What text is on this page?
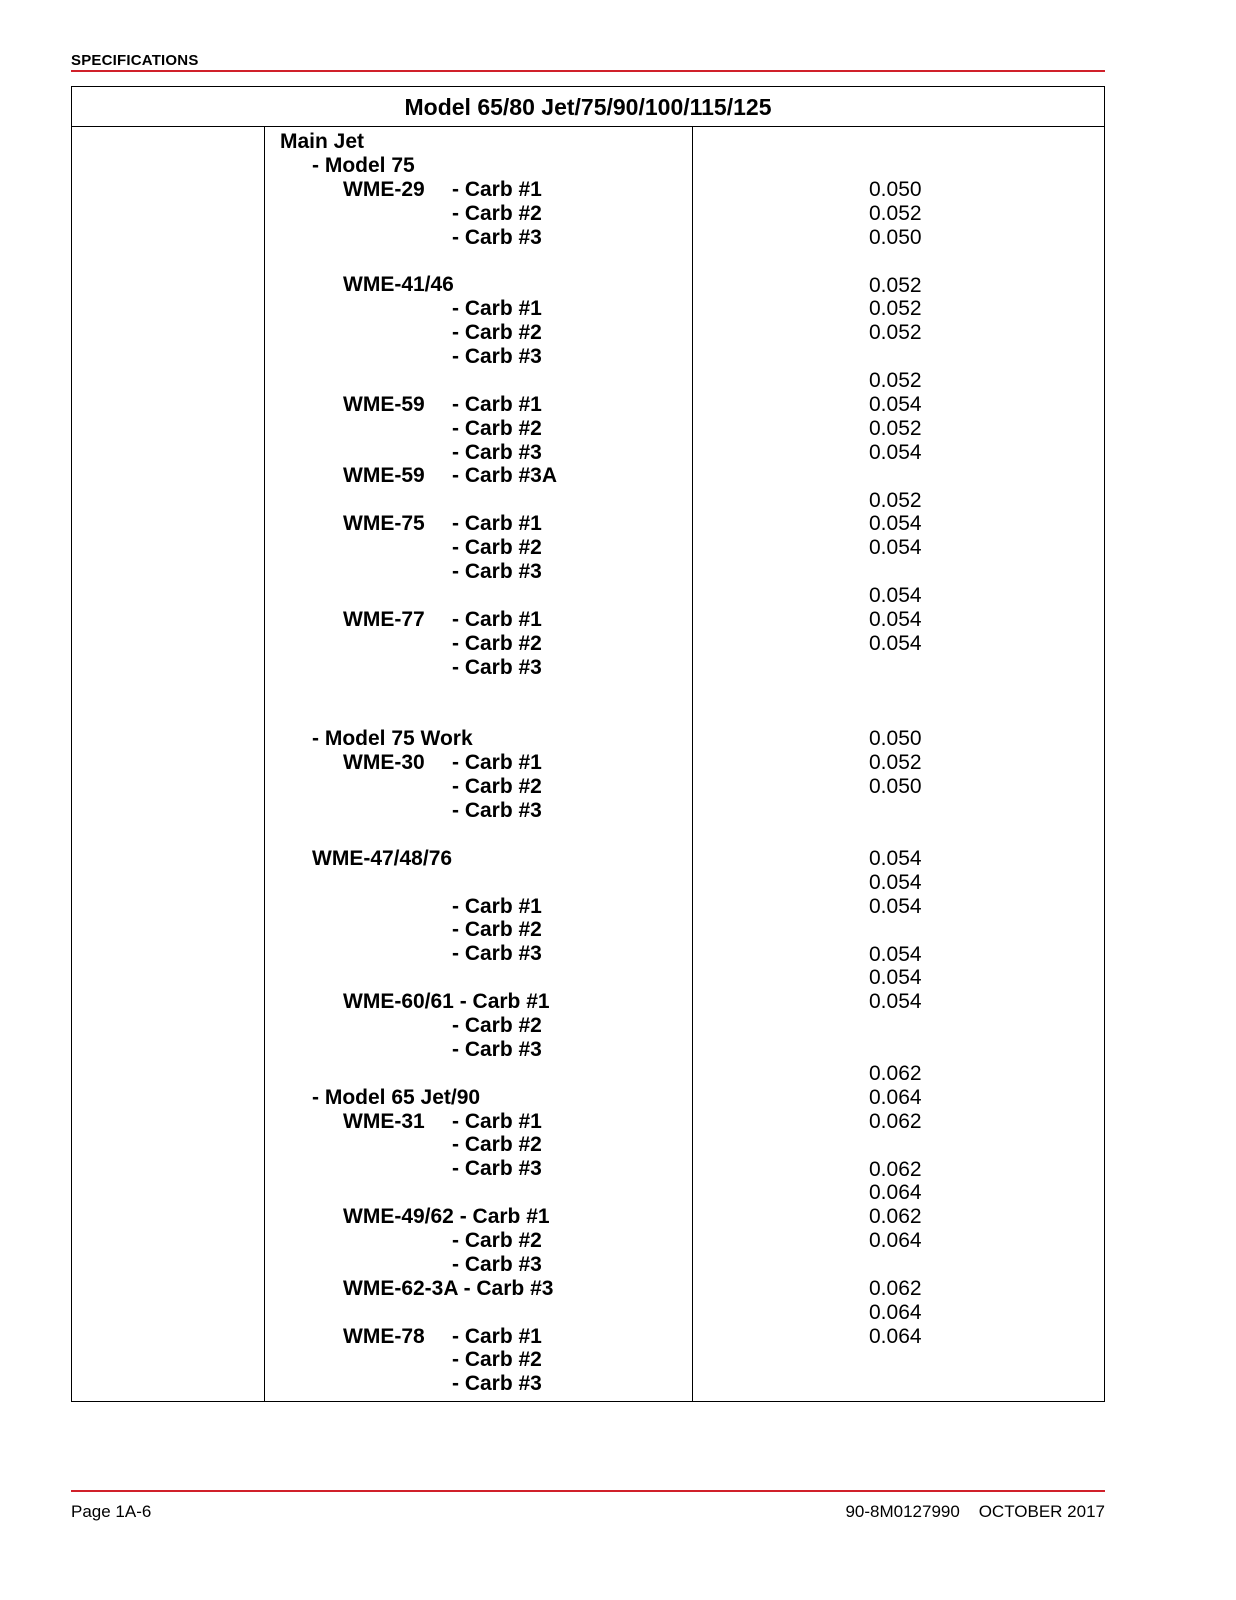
SPECIFICATIONS
Model 65/80 Jet/75/90/100/115/125
Main Jet
- Model 75
WME-29 - Carb #1
- Carb #2
- Carb #3
WME-41/46
- Carb #1
- Carb #2
- Carb #3
WME-59 - Carb #1
- Carb #2
- Carb #3
WME-59 - Carb #3A
WME-75 - Carb #1
- Carb #2
- Carb #3
WME-77 - Carb #1
- Carb #2
- Carb #3
- Model 75 Work
WME-30 - Carb #1
- Carb #2
- Carb #3
WME-47/48/76
- Carb #1
- Carb #2
- Carb #3
WME-60/61 - Carb #1
- Carb #2
- Carb #3
- Model 65 Jet/90
WME-31 - Carb #1
- Carb #2
- Carb #3
WME-49/62 - Carb #1
- Carb #2
- Carb #3
WME-62-3A - Carb #3
WME-78 - Carb #1
- Carb #2
- Carb #3
0.050
0.052
0.050
0.052
0.052
0.052
0.052
0.054
0.052
0.054
0.052
0.054
0.054
0.054
0.054
0.054
0.050
0.052
0.050
0.054
0.054
0.054
0.054
0.054
0.054
0.062
0.064
0.062
0.062
0.064
0.062
0.064
0.062
0.064
0.064
Page 1A-6	90-8M0127990    OCTOBER 2017
